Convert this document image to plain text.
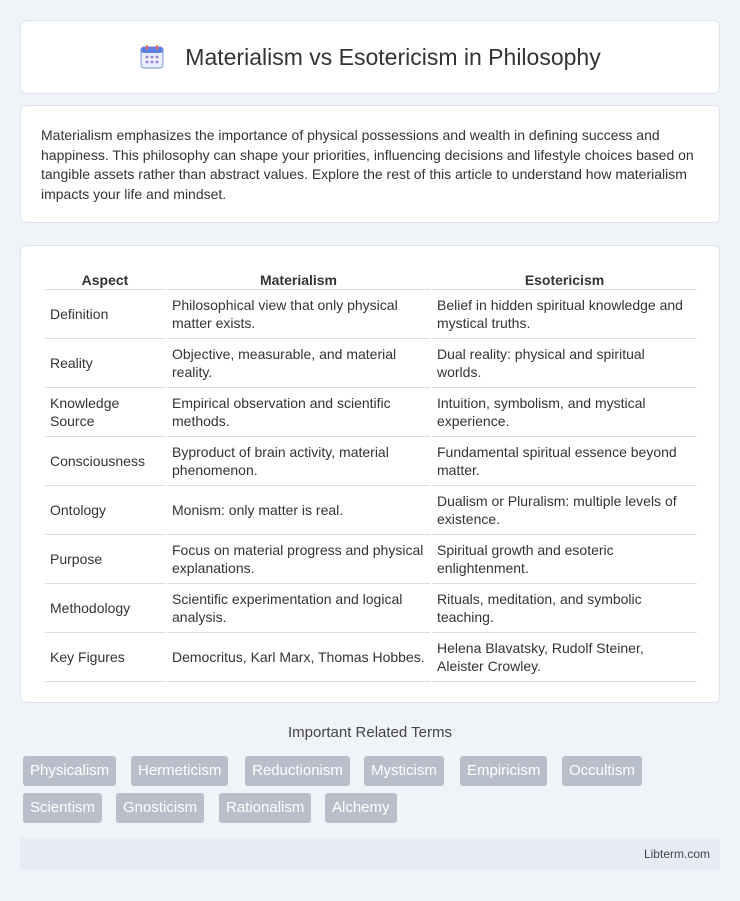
Materialism vs Esotericism in Philosophy

Materialism emphasizes the importance of physical possessions and wealth in defining success and happiness. This philosophy can shape your priorities, influencing decisions and lifestyle choices based on tangible assets rather than abstract values. Explore the rest of this article to understand how materialism impacts your life and mindset.

Aspect	Materialism	Esotericism
Definition	Philosophical view that only physical matter exists.	Belief in hidden spiritual knowledge and mystical truths.
Reality	Objective, measurable, and material reality.	Dual reality: physical and spiritual worlds.
Knowledge Source	Empirical observation and scientific methods.	Intuition, symbolism, and mystical experience.
Consciousness	Byproduct of brain activity, material phenomenon.	Fundamental spiritual essence beyond matter.
Ontology	Monism: only matter is real.	Dualism or Pluralism: multiple levels of existence.
Purpose	Focus on material progress and physical explanations.	Spiritual growth and esoteric enlightenment.
Methodology	Scientific experimentation and logical analysis.	Rituals, meditation, and symbolic teaching.
Key Figures	Democritus, Karl Marx, Thomas Hobbes.	Helena Blavatsky, Rudolf Steiner, Aleister Crowley.
Important Related Terms
Physicalism	Hermeticism	Reductionism	Mysticism	Empiricism	Occultism
Scientism	Gnosticism	Rationalism	Alchemy
Libterm.com
